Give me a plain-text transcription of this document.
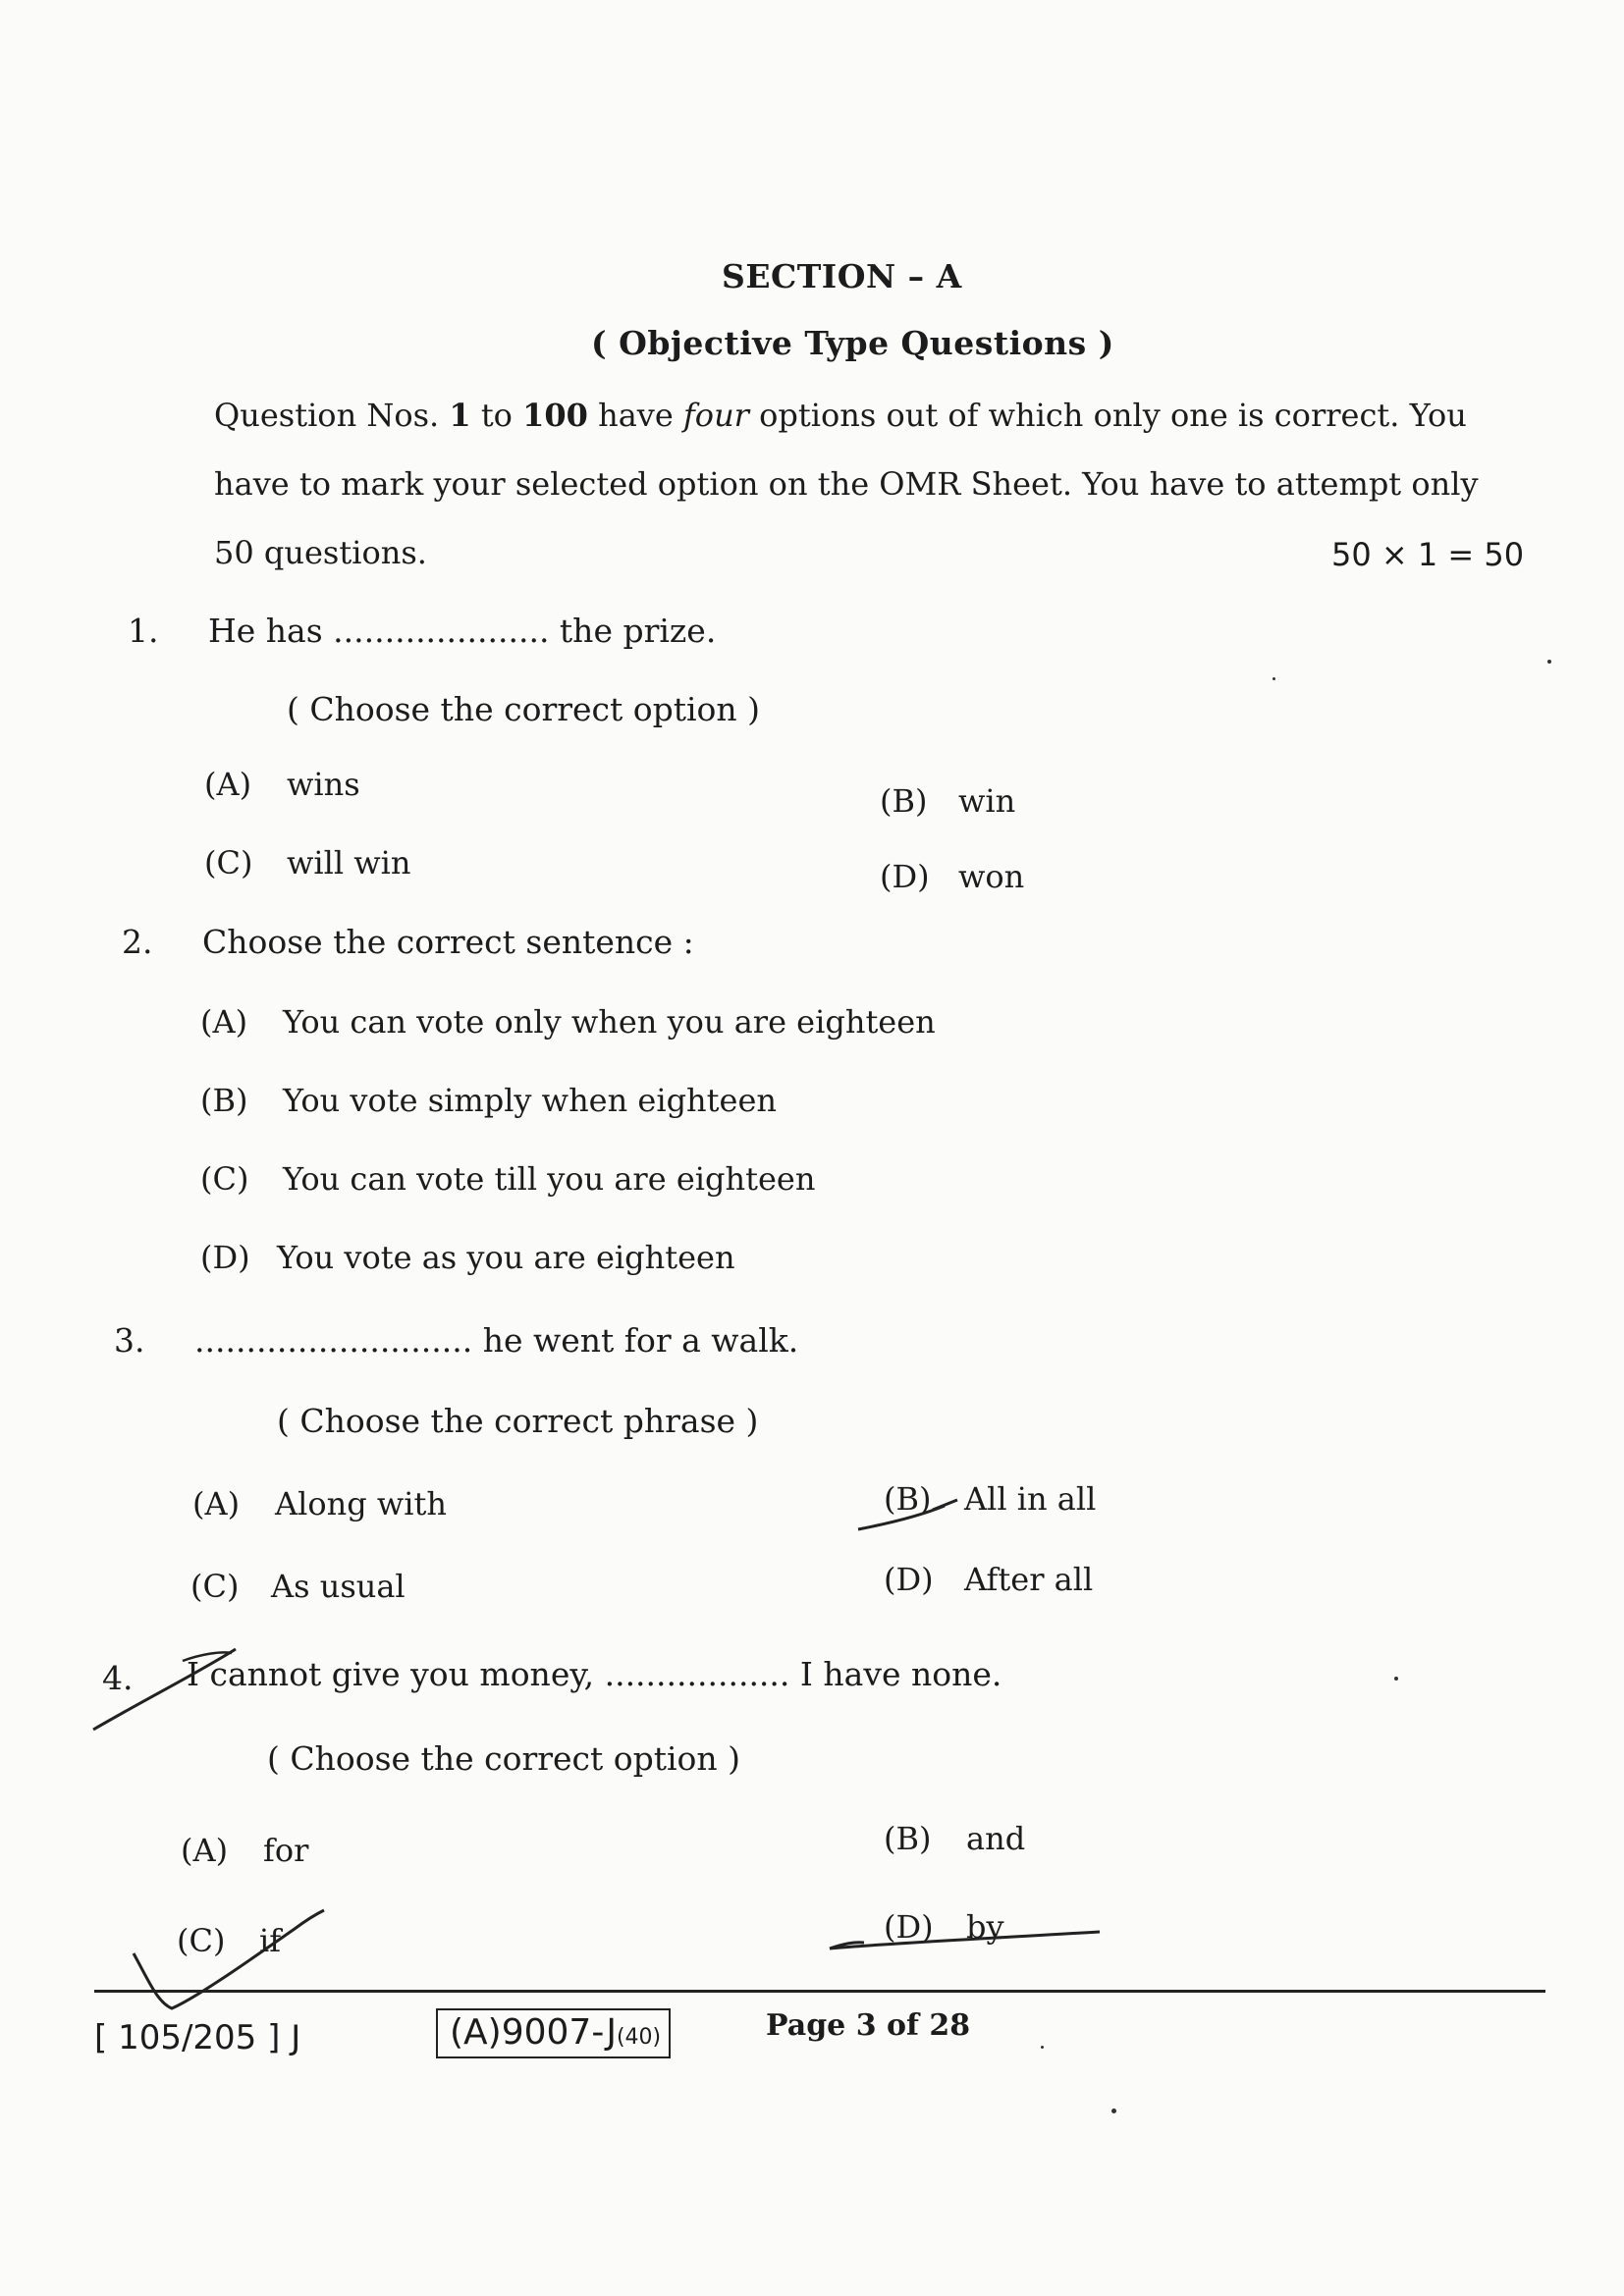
SECTION – A
( Objective Type Questions )
Question Nos. 1 to 100 have four options out of which only one is correct. You
have to mark your selected option on the OMR Sheet. You have to attempt only
50 questions.	50 × 1 = 50
1. He has ..................... the prize.
( Choose the correct option )
(A) wins	(B) win
(C) will win	(D) won
2. Choose the correct sentence :
(A) You can vote only when you are eighteen
(B) You vote simply when eighteen
(C) You can vote till you are eighteen
(D) You vote as you are eighteen
3. ........................... he went for a walk.
( Choose the correct phrase )
(A) Along with	(B) All in all
(C) As usual	(D) After all
4. I cannot give you money, .................. I have none.
( Choose the correct option )
(A) for	(B) and
(C) if	(D) by
[ 105/205 ] J	(A)9007-J(40)	Page 3 of 28
